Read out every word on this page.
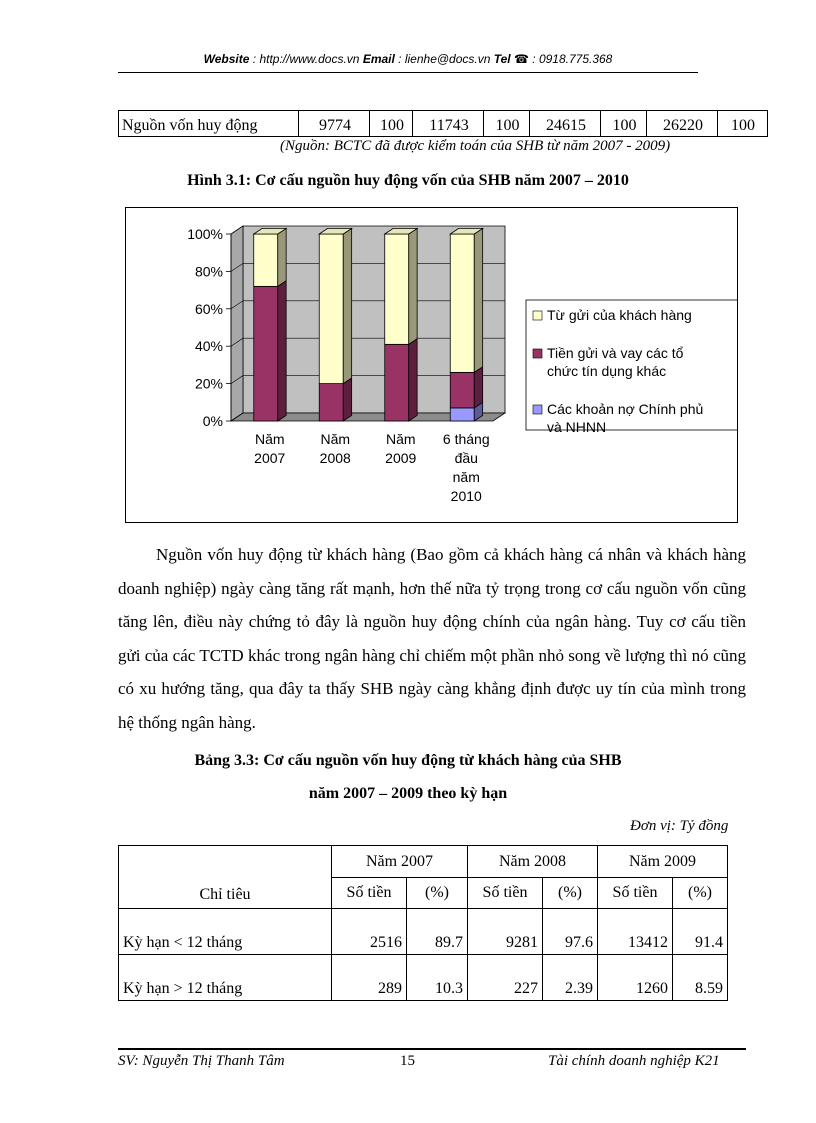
Website : http://www.docs.vn Email : lienhe@docs.vn Tel ☎ : 0918.775.368
Nguồn vốn huy động	9774	100	11743	100	24615	100	26220	100
(Nguồn: BCTC đã được kiểm toán của SHB từ năm 2007 - 2009)
Hình 3.1: Cơ cấu nguồn huy động vốn của SHB năm 2007 – 2010
0%
20%
40%
60%
80%
100%
Năm
2007
Năm
2008
Năm
2009
6 tháng
đầu
năm
2010
Từ gửi của khách hàng
Tiền gửi và vay các tổ
chức tín dụng khác
Các khoản nợ Chính phủ
và NHNN

Nguồn vốn huy động từ khách hàng (Bao gồm cả khách hàng cá nhân và khách hàng doanh nghiệp) ngày càng tăng rất mạnh, hơn thế nữa tỷ trọng trong cơ cấu nguồn vốn cũng tăng lên, điều này chứng tỏ đây là nguồn huy động chính của ngân hàng. Tuy cơ cấu tiền gửi của các TCTD khác trong ngân hàng chỉ chiếm một phần nhỏ song về lượng thì nó cũng có xu hướng tăng, qua đây ta thấy SHB ngày càng khẳng định được uy tín của mình trong hệ thống ngân hàng.

Bảng 3.3: Cơ cấu nguồn vốn huy động từ khách hàng của SHB
năm 2007 – 2009 theo kỳ hạn
Đơn vị: Tỷ đồng
Chỉ tiêu	Năm 2007		Năm 2008		Năm 2009	
	Số tiền	(%)	Số tiền	(%)	Số tiền	(%)
Kỳ hạn < 12 tháng	2516	89.7	9281	97.6	13412	91.4
Kỳ hạn > 12 tháng	289	10.3	227	2.39	1260	8.59
SV: Nguyễn Thị Thanh Tâm	15	Tài chính doanh nghiệp K21
